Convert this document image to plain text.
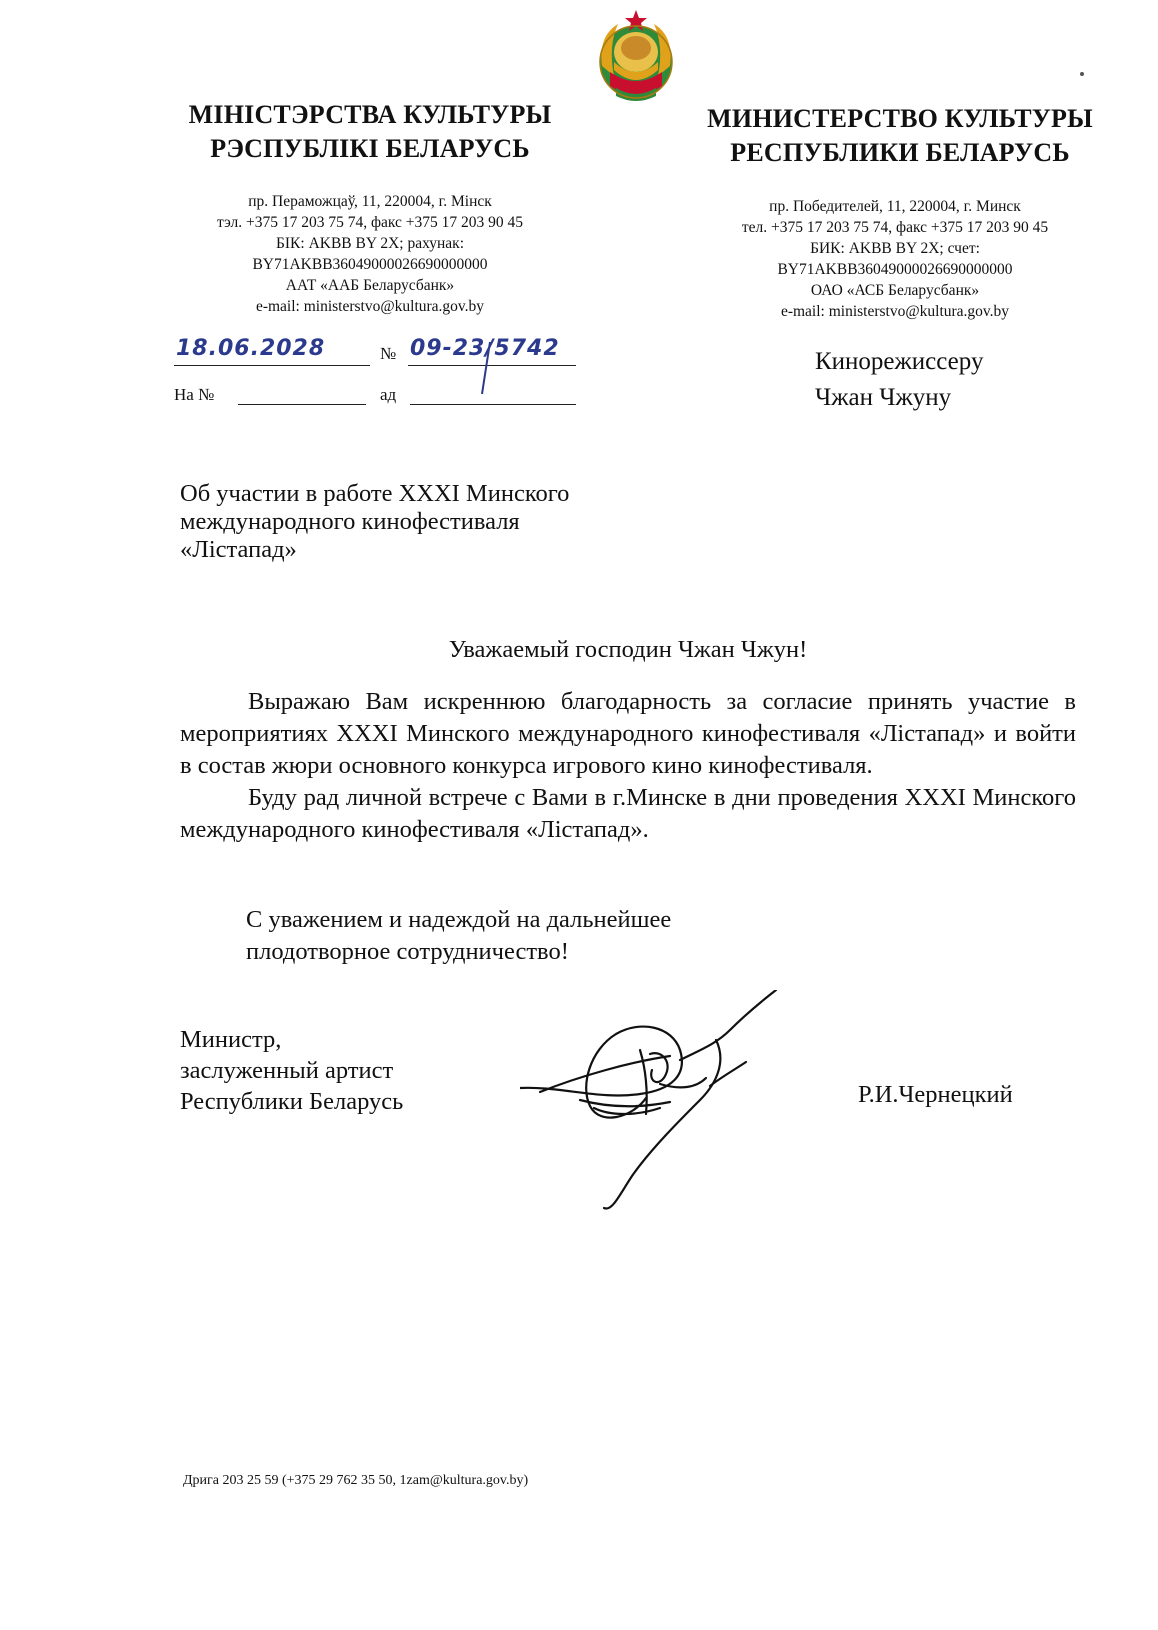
МІНІСТЭРСТВА КУЛЬТУРЫ
РЭСПУБЛІКІ БЕЛАРУСЬ
пр. Пераможцаў, 11, 220004, г. Мінск
тэл. +375 17 203 75 74, факс +375 17 203 90 45
БІК: AKBB BY 2X; рахунак:
BY71AKBB36049000026690000000
ААТ «ААБ Беларусбанк»
e-mail: ministerstvo@kultura.gov.by
МИНИСТЕРСТВО КУЛЬТУРЫ
РЕСПУБЛИКИ БЕЛАРУСЬ
пр. Победителей, 11, 220004, г. Минск
тел. +375 17 203 75 74, факс +375 17 203 90 45
БИК: AKBB BY 2X; счет:
BY71AKBB36049000026690000000
ОАО «АСБ Беларусбанк»
e-mail: ministerstvo@kultura.gov.by
18.06.2028	№ 09-23/5742
На №	ад
Кинорежиссеру
Чжан Чжуну
Об участии в работе XXXI Минского
международного кинофестиваля
«Лістапад»
Уважаемый господин Чжан Чжун!

Выражаю Вам искреннюю благодарность за согласие принять участие в мероприятиях XXXI Минского международного кинофестиваля «Лістапад» и войти в состав жюри основного конкурса игрового кино кинофестиваля.

Буду рад личной встрече с Вами в г.Минске в дни проведения XXXI Минского международного кинофестиваля «Лістапад».

С уважением и надеждой на дальнейшее
плодотворное сотрудничество!
Министр,
заслуженный артист
Республики Беларусь	Р.И.Чернецкий
Дрига 203 25 59 (+375 29 762 35 50, 1zam@kultura.gov.by)
